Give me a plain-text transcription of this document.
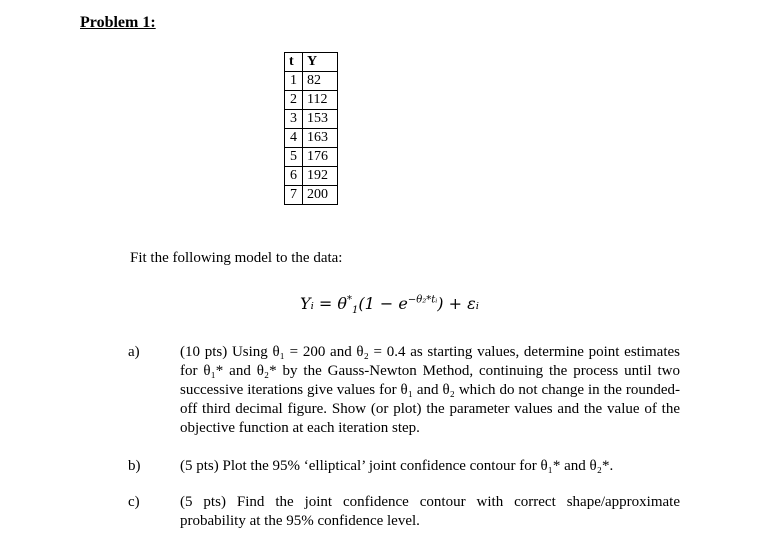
Problem 1:
t	Y
1	82
2	112
3	153
4	163
5	176
6	192
7	200
Fit the following model to the data:
Yᵢ = $\theta^*_1(1 - e^{-\theta_2*tᵢ})$ + εᵢ
a)	(10 pts) Using θ₁ = 200 and θ₂ = 0.4 as starting values, determine point estimates for θ₁* and θ₂* by the Gauss-Newton Method, continuing the process until two successive iterations give values for θ₁ and θ₂ which do not change in the rounded-off third decimal figure. Show (or plot) the parameter values and the value of the objective function at each iteration step.
b)	(5 pts) Plot the 95% ‘elliptical’ joint confidence contour for θ₁* and θ₂*.
c)	(5 pts) Find the joint confidence contour with correct shape/approximate probability at the 95% confidence level.
